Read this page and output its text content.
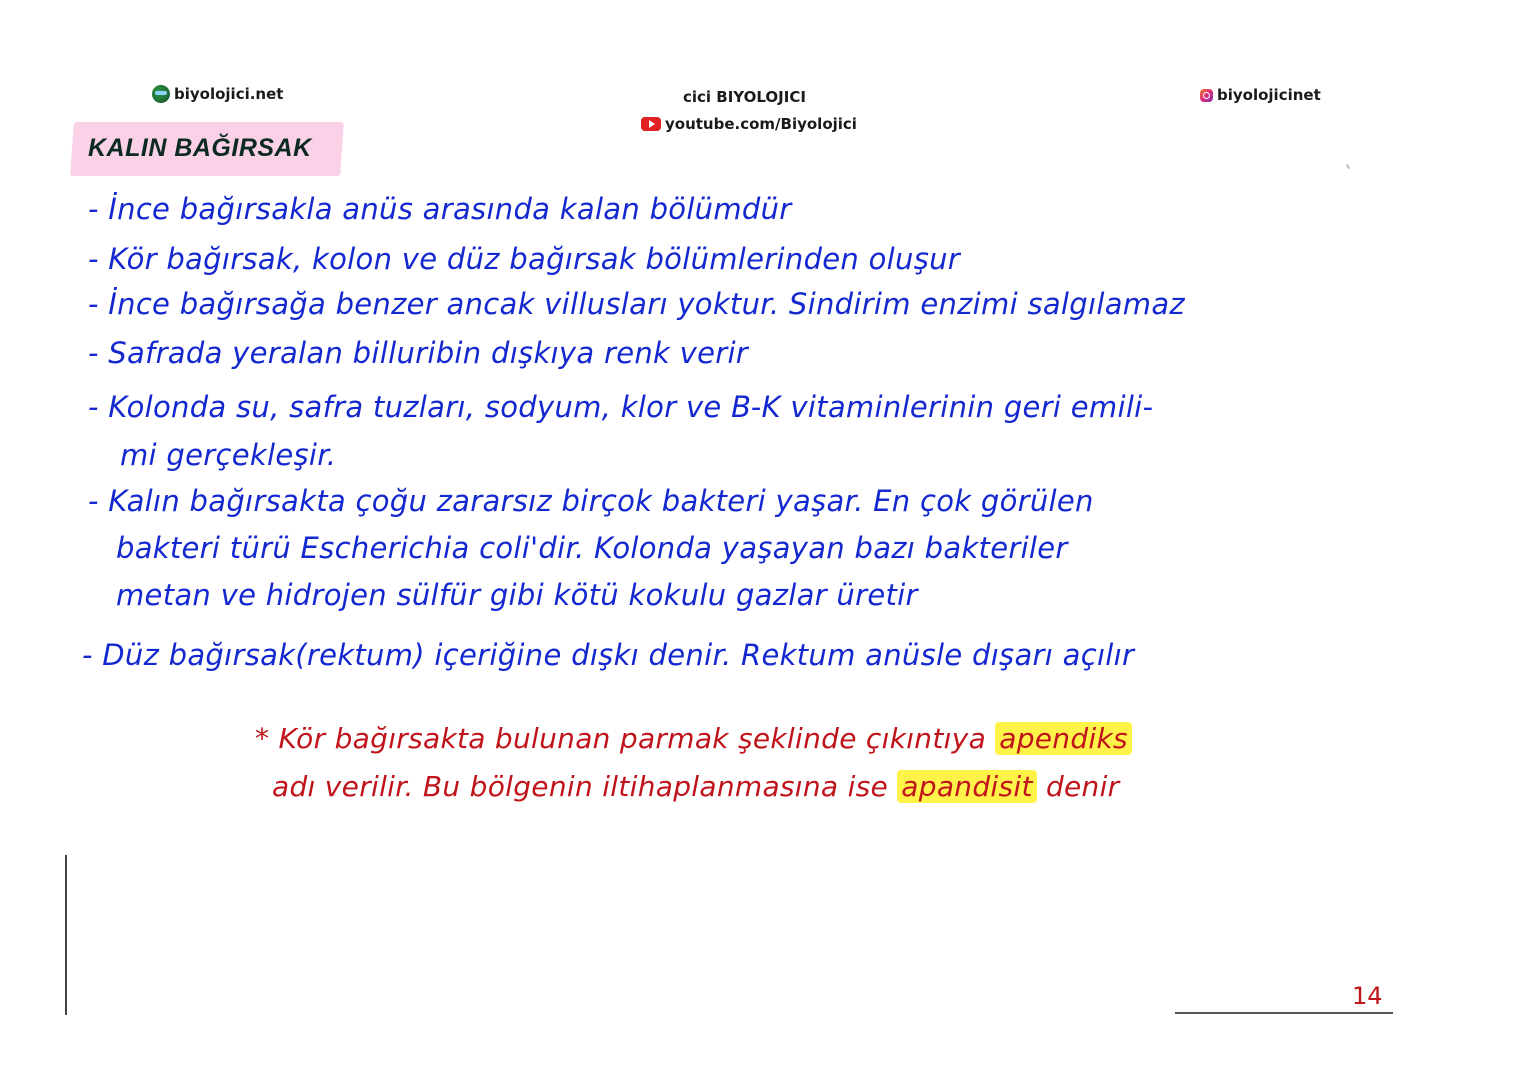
biyolojici.net	cici BIYOLOJICI
youtube.com/Biyolojici
biyolojicinet
KALIN BAĞIRSAK
- İnce bağırsakla anüs arasında kalan bölümdür
- Kör bağırsak, kolon ve düz bağırsak bölümlerinden oluşur
- İnce bağırsağa benzer ancak villusları yoktur. Sindirim enzimi salgılamaz
- Safrada yeralan billuribin dışkıya renk verir
- Kolonda su, safra tuzları, sodyum, klor ve B-K vitaminlerinin geri emili-
mi gerçekleşir.
- Kalın bağırsakta çoğu zararsız birçok bakteri yaşar. En çok görülen
bakteri türü Escherichia coli'dir. Kolonda yaşayan bazı bakteriler
metan ve hidrojen sülfür gibi kötü kokulu gazlar üretir
- Düz bağırsak(rektum) içeriğine dışkı denir. Rektum anüsle dışarı açılır
* Kör bağırsakta bulunan parmak şeklinde çıkıntıya apendiks
adı verilir. Bu bölgenin iltihaplanmasına ise apandisit denir
14
